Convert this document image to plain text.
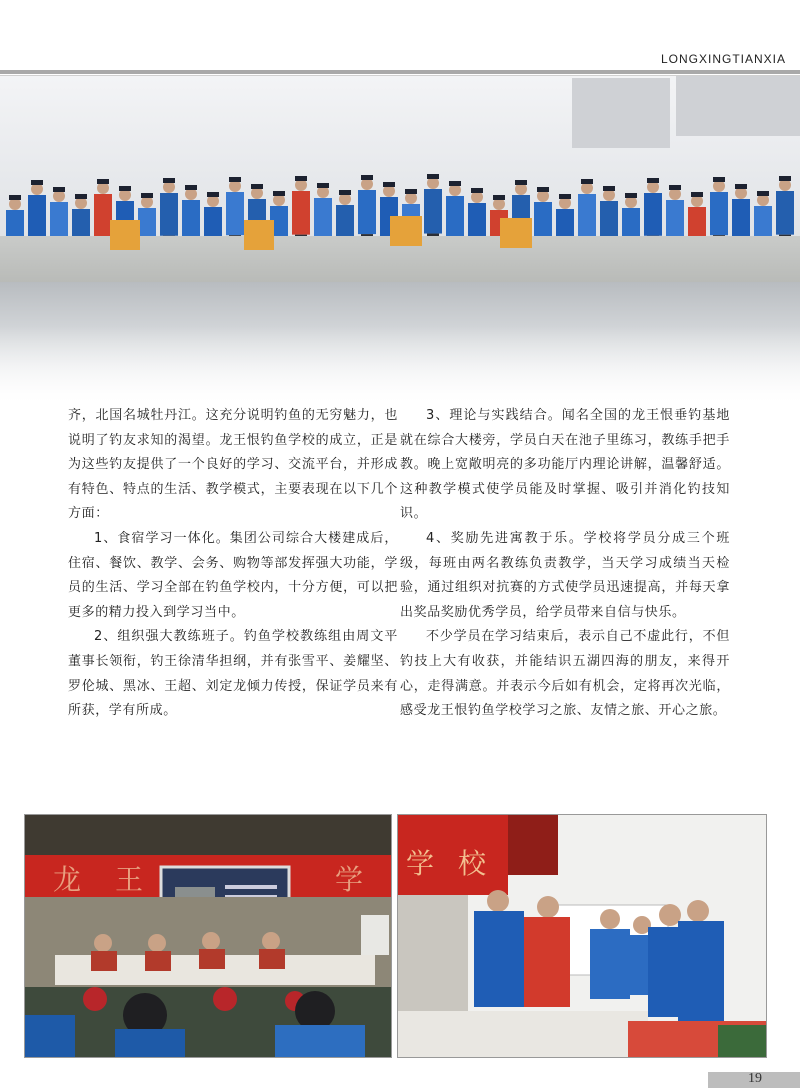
LONGXINGTIANXIA

齐，北国名城牡丹江。这充分说明钓鱼的无穷魅力，也说明了钓友求知的渴望。龙王恨钓鱼学校的成立，正是为这些钓友提供了一个良好的学习、交流平台，并形成有特色、特点的生活、教学模式，主要表现在以下几个方面：

1、食宿学习一体化。集团公司综合大楼建成后，住宿、餐饮、教学、会务、购物等部发挥强大功能，学员的生活、学习全部在钓鱼学校内，十分方便，可以把更多的精力投入到学习当中。

2、组织强大教练班子。钓鱼学校教练组由周文平董事长领衔，钓王徐清华担纲，并有张雪平、姜耀坚、罗伦城、黑冰、王超、刘定龙倾力传授，保证学员来有所获，学有所成。

3、理论与实践结合。闻名全国的龙王恨垂钓基地就在综合大楼旁，学员白天在池子里练习，教练手把手教。晚上宽敞明亮的多功能厅内理论讲解，温馨舒适。这种教学模式使学员能及时掌握、吸引并消化钓技知识。

4、奖励先进寓教于乐。学校将学员分成三个班级，每班由两名教练负责教学，当天学习成绩当天检验，通过组织对抗赛的方式使学员迅速提高，并每天拿出奖品奖励优秀学员，给学员带来自信与快乐。

不少学员在学习结束后，表示自己不虚此行，不但钓技上大有收获，并能结识五湖四海的朋友，来得开心，走得满意。并表示今后如有机会，定将再次光临，感受龙王恨钓鱼学校学习之旅、友情之旅、开心之旅。

龙 王	学 学 校
19
